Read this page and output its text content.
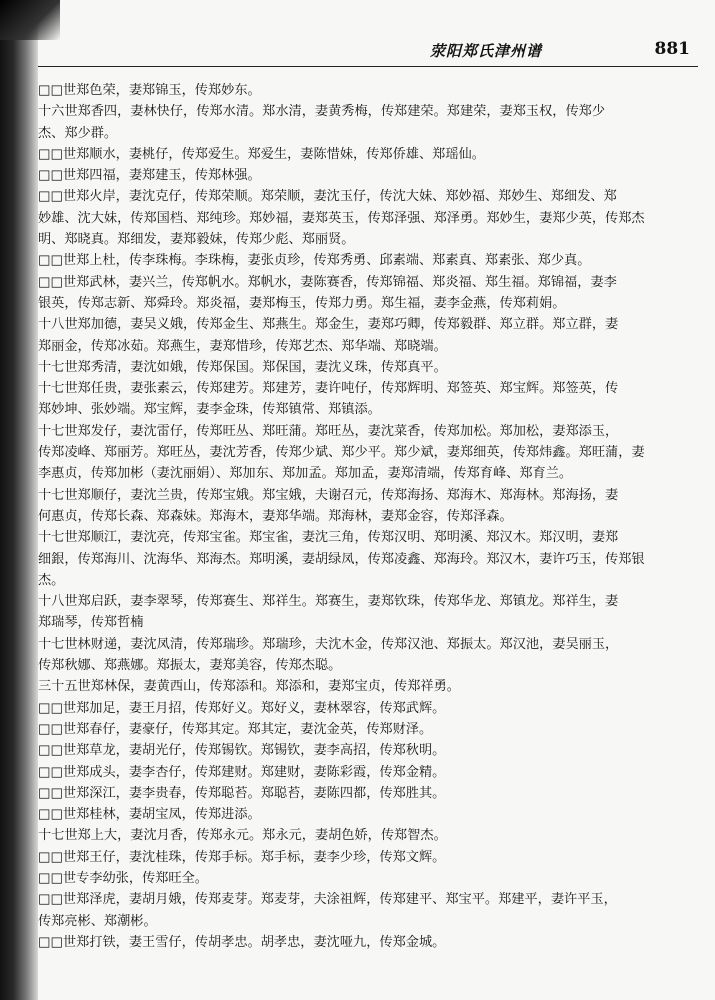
荥阳郑氏津州谱	881
□□世郑色荣，妻郑锦玉，传郑妙东。
十六世郑香四，妻林快仔，传郑水清。郑水清，妻黄秀梅，传郑建荣。郑建荣，妻郑玉权，传郑少
杰、郑少群。
□□世郑顺水，妻桃仔，传郑爱生。郑爱生，妻陈惜妹，传郑侨雄、郑瑶仙。
□□世郑四福，妻郑建玉，传郑林强。
□□世郑火岸，妻沈克仔，传郑荣顺。郑荣顺，妻沈玉仔，传沈大妹、郑妙福、郑妙生、郑细发、郑
妙雄、沈大妹，传郑国档、郑纯珍。郑妙福，妻郑英玉，传郑泽强、郑泽勇。郑妙生，妻郑少英，传郑杰
明、郑晓真。郑细发，妻郑毅妹，传郑少彪、郑丽贤。
□□世郑上杜，传李珠梅。李珠梅，妻张贞珍，传郑秀勇、邱素端、郑素真、郑素张、郑少真。
□□世郑武林，妻兴兰，传郑帆水。郑帆水，妻陈赛香，传郑锦福、郑炎福、郑生福。郑锦福，妻李
银英，传郑志新、郑舜玲。郑炎福，妻郑梅玉，传郑力勇。郑生福，妻李金燕，传郑莉娟。
十八世郑加德，妻吴义娥，传郑金生、郑燕生。郑金生，妻郑巧卿，传郑毅群、郑立群。郑立群，妻
郑丽金，传郑冰茹。郑燕生，妻郑惜珍，传郑艺杰、郑华端、郑晓端。
十七世郑秀清，妻沈如娥，传郑保国。郑保国，妻沈义珠，传郑真平。
十七世郑任贵，妻张素云，传郑建芳。郑建芳，妻许吨仔，传郑辉明、郑签英、郑宝辉。郑签英，传
郑妙坤、张妙端。郑宝辉，妻李金珠，传郑镇常、郑镇添。
十七世郑发仔，妻沈雷仔，传郑旺丛、郑旺蒲。郑旺丛，妻沈菜香，传郑加松。郑加松，妻郑添玉，
传郑凌峰、郑丽芳。郑旺丛，妻沈芳香，传郑少斌、郑少平。郑少斌，妻郑细英，传郑炜鑫。郑旺蒲，妻
李惠贞，传郑加彬（妻沈丽娟）、郑加东、郑加孟。郑加孟，妻郑清端，传郑育峰、郑育兰。
十七世郑顺仔，妻沈兰贵，传郑宝娥。郑宝娥，夫谢召元，传郑海扬、郑海木、郑海林。郑海扬，妻
何惠贞，传郑长森、郑森妹。郑海木，妻郑华端。郑海林，妻郑金容，传郑泽森。
十七世郑顺江，妻沈亮，传郑宝雀。郑宝雀，妻沈三角，传郑汉明、郑明溪、郑汉木。郑汉明，妻郑
细銀，传郑海川、沈海华、郑海杰。郑明溪，妻胡绿凤，传郑凌鑫、郑海玲。郑汉木，妻许巧玉，传郑银
杰。
十八世郑启跃，妻李翠琴，传郑赛生、郑祥生。郑赛生，妻郑钦珠，传郑华龙、郑镇龙。郑祥生，妻
郑瑞琴，传郑哲楠
十七世林财递，妻沈凤清，传郑瑞珍。郑瑞珍，夫沈木金，传郑汉池、郑振太。郑汉池，妻吴丽玉，
传郑秋娜、郑燕娜。郑振太，妻郑美容，传郑杰聪。
三十五世郑林保，妻黄西山，传郑添和。郑添和，妻郑宝贞，传郑祥勇。
□□世郑加足，妻王月招，传郑好义。郑好义，妻林翠容，传郑武辉。
□□世郑春仔，妻豪仔，传郑其定。郑其定，妻沈金英，传郑财泽。
□□世郑草龙，妻胡光仔，传郑锡钦。郑锡钦，妻李高招，传郑秋明。
□□世郑成头，妻李杏仔，传郑建财。郑建财，妻陈彩霞，传郑金精。
□□世郑深江，妻李贵春，传郑聪苔。郑聪苔，妻陈四都，传郑胜其。
□□世郑桂林，妻胡宝凤，传郑进添。
十七世郑上大，妻沈月香，传郑永元。郑永元，妻胡色娇，传郑智杰。
□□世郑王仔，妻沈桂珠，传郑手标。郑手标，妻李少珍，传郑文辉。
□□世专李幼张，传郑旺全。
□□世郑泽虎，妻胡月娥，传郑麦芽。郑麦芽，夫涂祖辉，传郑建平、郑宝平。郑建平，妻许平玉，
传郑亮彬、郑潮彬。
□□世郑打铁，妻王雪仔，传胡孝忠。胡孝忠，妻沈哑九，传郑金城。
